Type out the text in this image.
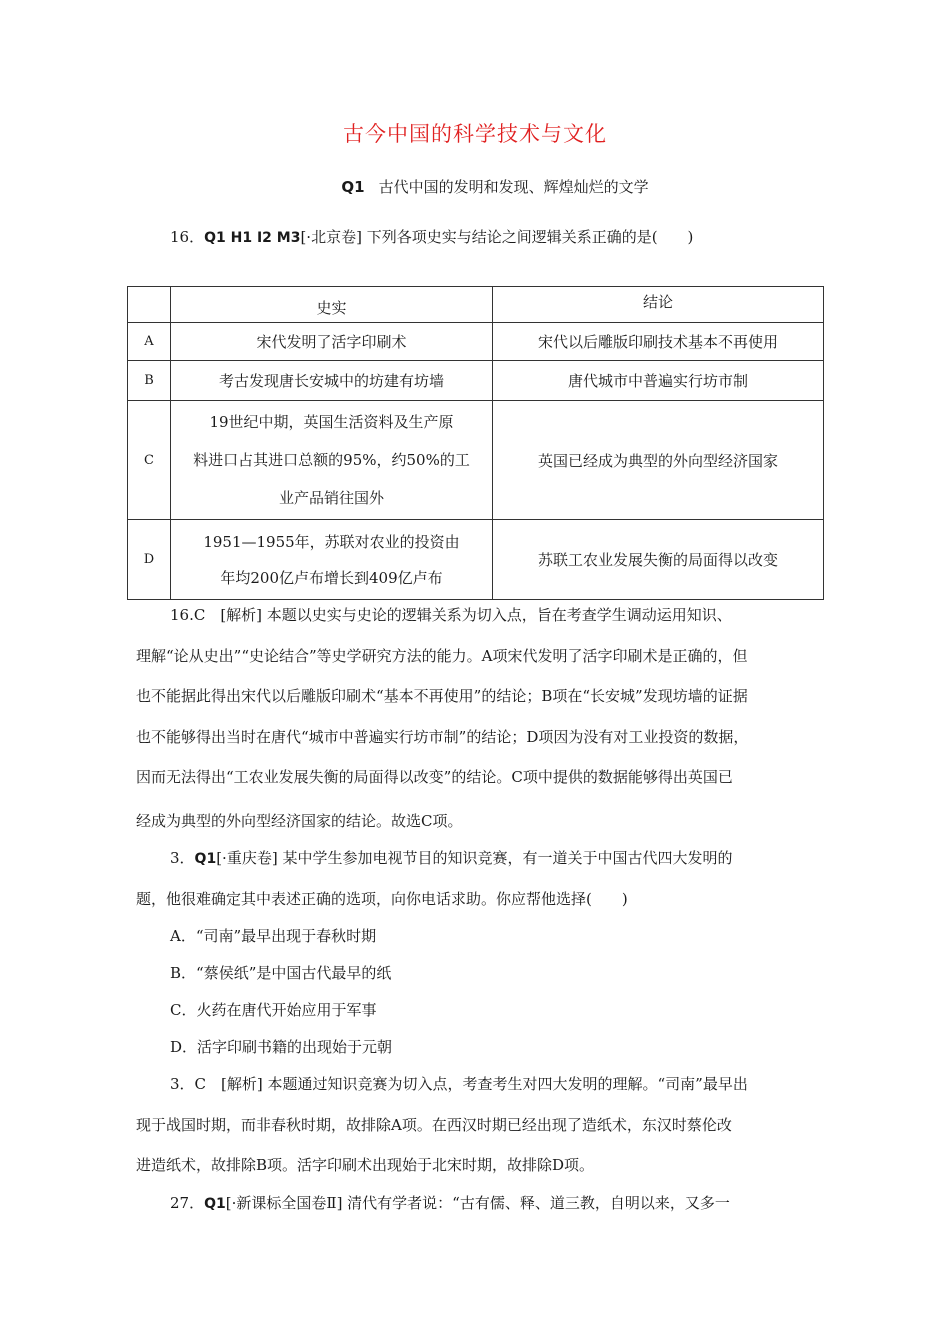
古今中国的科学技术与文化
Q1 古代中国的发明和发现、辉煌灿烂的文学
16．Q1 H1 I2 M3[·北京卷] 下列各项史实与结论之间逻辑关系正确的是(　　)
	史实	结论
A	宋代发明了活字印刷术	宋代以后雕版印刷技术基本不再使用
B	考古发现唐长安城中的坊建有坊墙	唐代城市中普遍实行坊市制
C	19世纪中期，英国生活资料及生产原
料进口占其进口总额的95%，约50%的工
业产品销往国外	英国已经成为典型的外向型经济国家
D	1951—1955年，苏联对农业的投资由
年均200亿卢布增长到409亿卢布	苏联工农业发展失衡的局面得以改变
16.C　[解析] 本题以史实与史论的逻辑关系为切入点，旨在考查学生调动运用知识、
理解“论从史出”“史论结合”等史学研究方法的能力。A项宋代发明了活字印刷术是正确的，但
也不能据此得出宋代以后雕版印刷术“基本不再使用”的结论；B项在“长安城”发现坊墙的证据
也不能够得出当时在唐代“城市中普遍实行坊市制”的结论；D项因为没有对工业投资的数据，
因而无法得出“工农业发展失衡的局面得以改变”的结论。C项中提供的数据能够得出英国已
经成为典型的外向型经济国家的结论。故选C项。
3．Q1[·重庆卷] 某中学生参加电视节目的知识竞赛，有一道关于中国古代四大发明的
题，他很难确定其中表述正确的选项，向你电话求助。你应帮他选择(　　)
A．“司南”最早出现于春秋时期
B．“蔡侯纸”是中国古代最早的纸
C．火药在唐代开始应用于军事
D．活字印刷书籍的出现始于元朝
3．C　[解析] 本题通过知识竞赛为切入点，考查考生对四大发明的理解。“司南”最早出
现于战国时期，而非春秋时期，故排除A项。在西汉时期已经出现了造纸术，东汉时蔡伦改
进造纸术，故排除B项。活字印刷术出现始于北宋时期，故排除D项。
27．Q1[·新课标全国卷Ⅱ] 清代有学者说：“古有儒、释、道三教，自明以来，又多一
